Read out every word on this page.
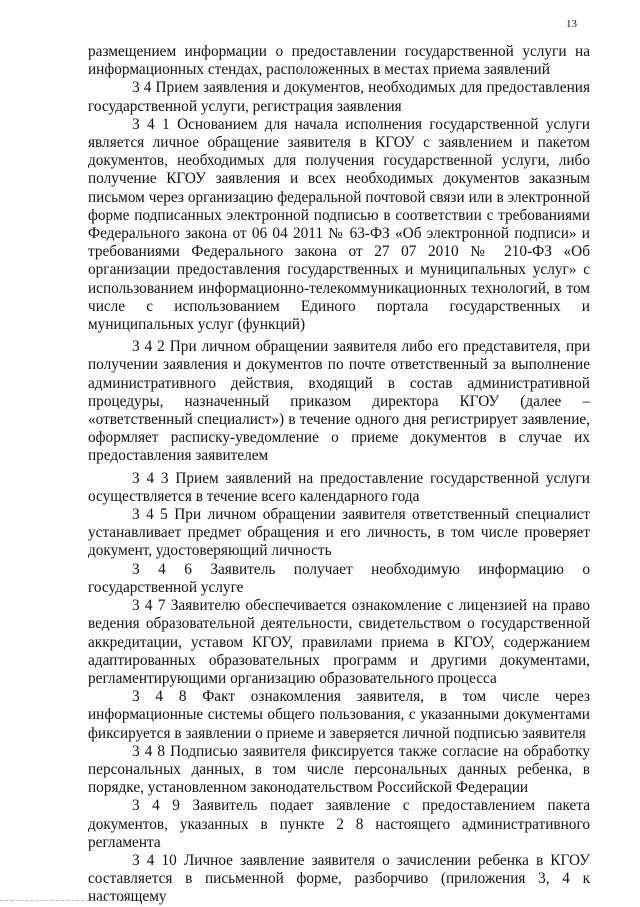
13

размещением информации о предоставлении государственной услуги на информационных стендах, расположенных в местах приема заявлений

3 4 Прием заявления и документов, необходимых для предоставления государственной услуги, регистрация заявления

3 4 1 Основанием для начала исполнения государственной услуги является личное обращение заявителя в КГОУ с заявлением и пакетом документов, необходимых для получения государственной услуги, либо получение КГОУ заявления и всех необходимых документов заказным письмом через организацию федеральной почтовой связи или в электронной форме подписанных электронной подписью в соответствии с требованиями Федерального закона от 06 04 2011 № 63-ФЗ «Об электронной подписи» и требованиями Федерального закона от 27 07 2010 № 210-ФЗ «Об организации предоставления государственных и муниципальных услуг» с использованием информационно-телекоммуникационных технологий, в том числе с использованием Единого портала государственных и муниципальных услуг (функций)

3 4 2 При личном обращении заявителя либо его представителя, при получении заявления и документов по почте ответственный за выполнение административного действия, входящий в состав административной процедуры, назначенный приказом директора КГОУ (далее – «ответственный специалист») в течение одного дня регистрирует заявление, оформляет расписку-уведомление о приеме документов в случае их предоставления заявителем

3 4 3 Прием заявлений на предоставление государственной услуги осуществляется в течение всего календарного года

3 4 5 При личном обращении заявителя ответственный специалист устанавливает предмет обращения и его личность, в том числе проверяет документ, удостоверяющий личность

3 4 6 Заявитель получает необходимую информацию о государственной услуге

3 4 7 Заявителю обеспечивается ознакомление с лицензией на право ведения образовательной деятельности, свидетельством о государственной аккредитации, уставом КГОУ, правилами приема в КГОУ, содержанием адаптированных образовательных программ и другими документами, регламентирующими организацию образовательного процесса

3 4 8 Факт ознакомления заявителя, в том числе через информационные системы общего пользования, с указанными документами фиксируется в заявлении о приеме и заверяется личной подписью заявителя

3 4 8 Подписью заявителя фиксируется также согласие на обработку персональных данных, в том числе персональных данных ребенка, в порядке, установленном законодательством Российской Федерации

3 4 9 Заявитель подает заявление с предоставлением пакета документов, указанных в пункте 2 8 настоящего административного регламента

3 4 10 Личное заявление заявителя о зачислении ребенка в КГОУ составляется в письменной форме, разборчиво (приложения 3, 4 к настоящему
